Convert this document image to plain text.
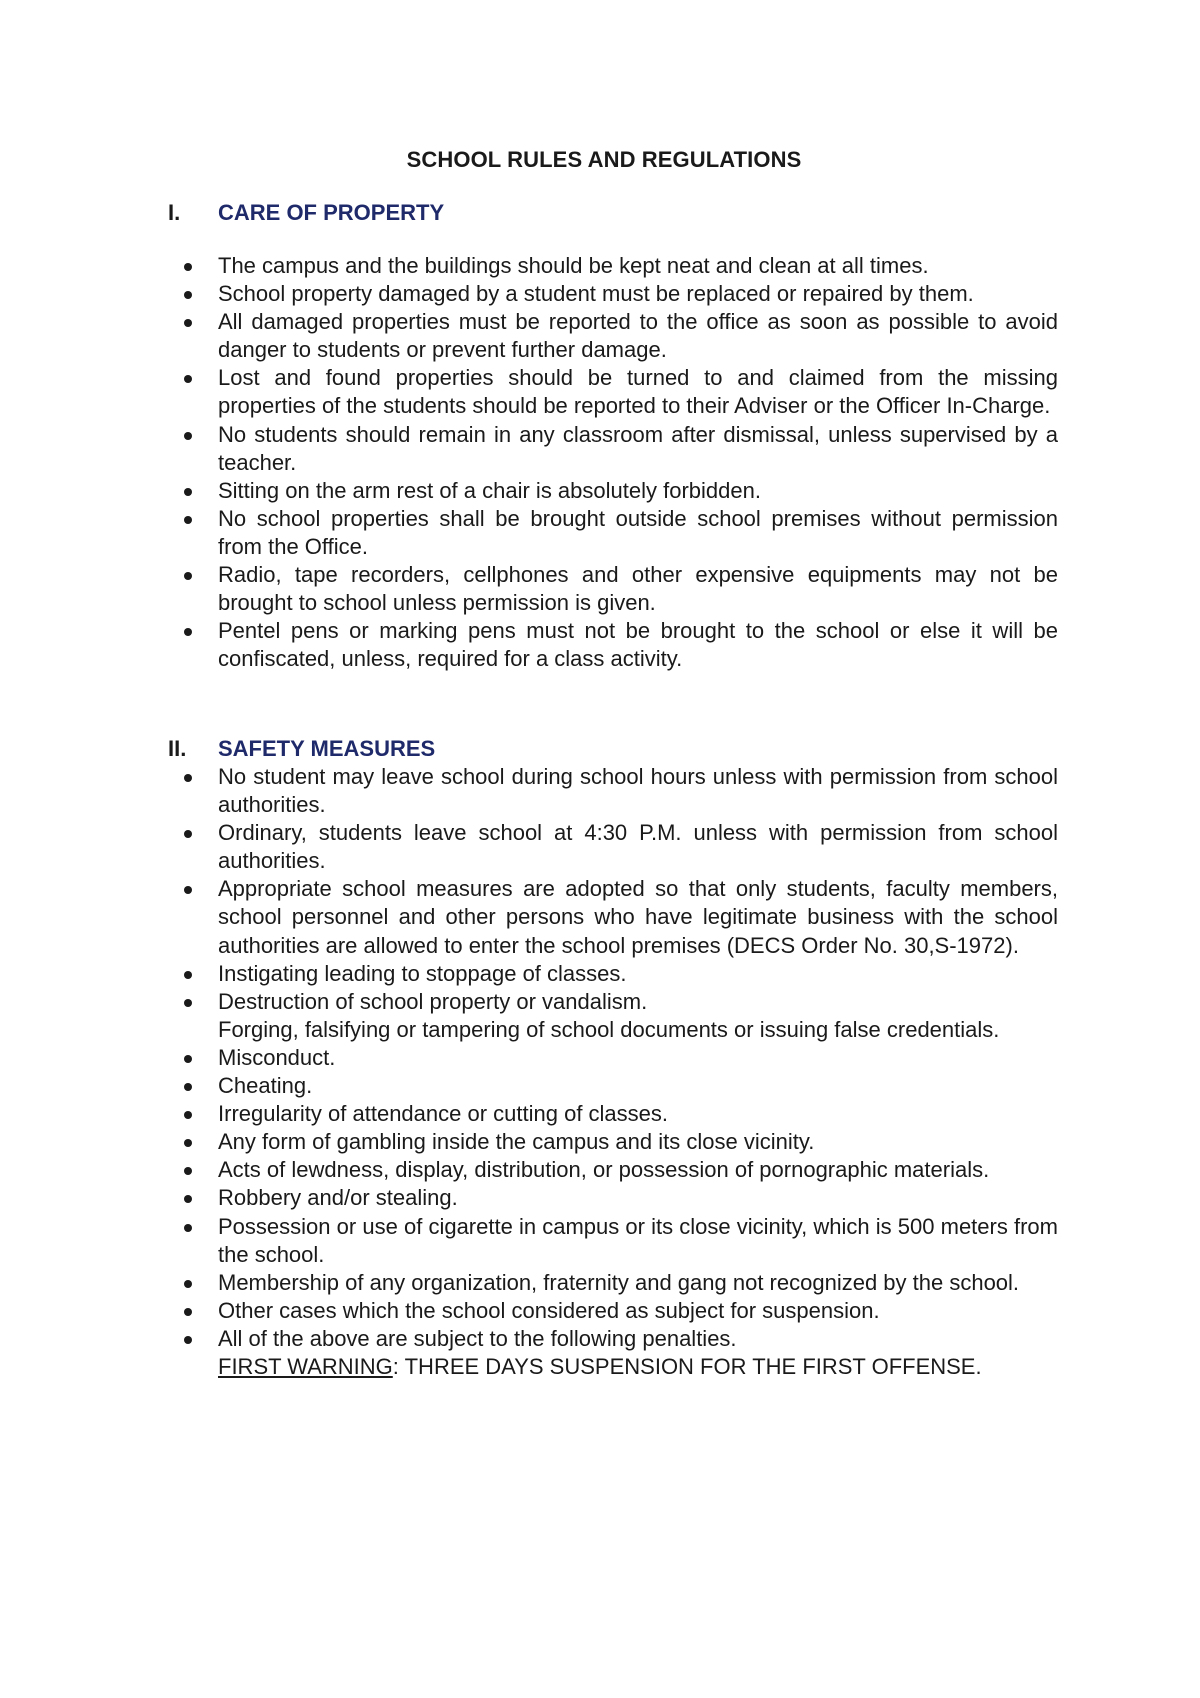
SCHOOL RULES AND REGULATIONS
I. CARE OF PROPERTY
The campus and the buildings should be kept neat and clean at all times.
School property damaged by a student must be replaced or repaired by them.
All damaged properties must be reported to the office as soon as possible to avoid danger to students or prevent further damage.
Lost and found properties should be turned to and claimed from the missing properties of the students should be reported to their Adviser or the Officer In-Charge.
No students should remain in any classroom after dismissal, unless supervised by a teacher.
Sitting on the arm rest of a chair is absolutely forbidden.
No school properties shall be brought outside school premises without permission from the Office.
Radio, tape recorders, cellphones and other expensive equipments may not be brought to school unless permission is given.
Pentel pens or marking pens must not be brought to the school or else it will be confiscated, unless, required for a class activity.
II. SAFETY MEASURES
No student may leave school during school hours unless with permission from school authorities.
Ordinary, students leave school at 4:30 P.M. unless with permission from school authorities.
Appropriate school measures are adopted so that only students, faculty members, school personnel and other persons who have legitimate business with the school authorities are allowed to enter the school premises (DECS Order No. 30,S-1972).
Instigating leading to stoppage of classes.
Destruction of school property or vandalism.
Forging, falsifying or tampering of school documents or issuing false credentials.
Misconduct.
Cheating.
Irregularity of attendance or cutting of classes.
Any form of gambling inside the campus and its close vicinity.
Acts of lewdness, display, distribution, or possession of pornographic materials.
Robbery and/or stealing.
Possession or use of cigarette in campus or its close vicinity, which is 500 meters from the school.
Membership of any organization, fraternity and gang not recognized by the school.
Other cases which the school considered as subject for suspension.
All of the above are subject to the following penalties.
FIRST WARNING: THREE DAYS SUSPENSION FOR THE FIRST OFFENSE.
